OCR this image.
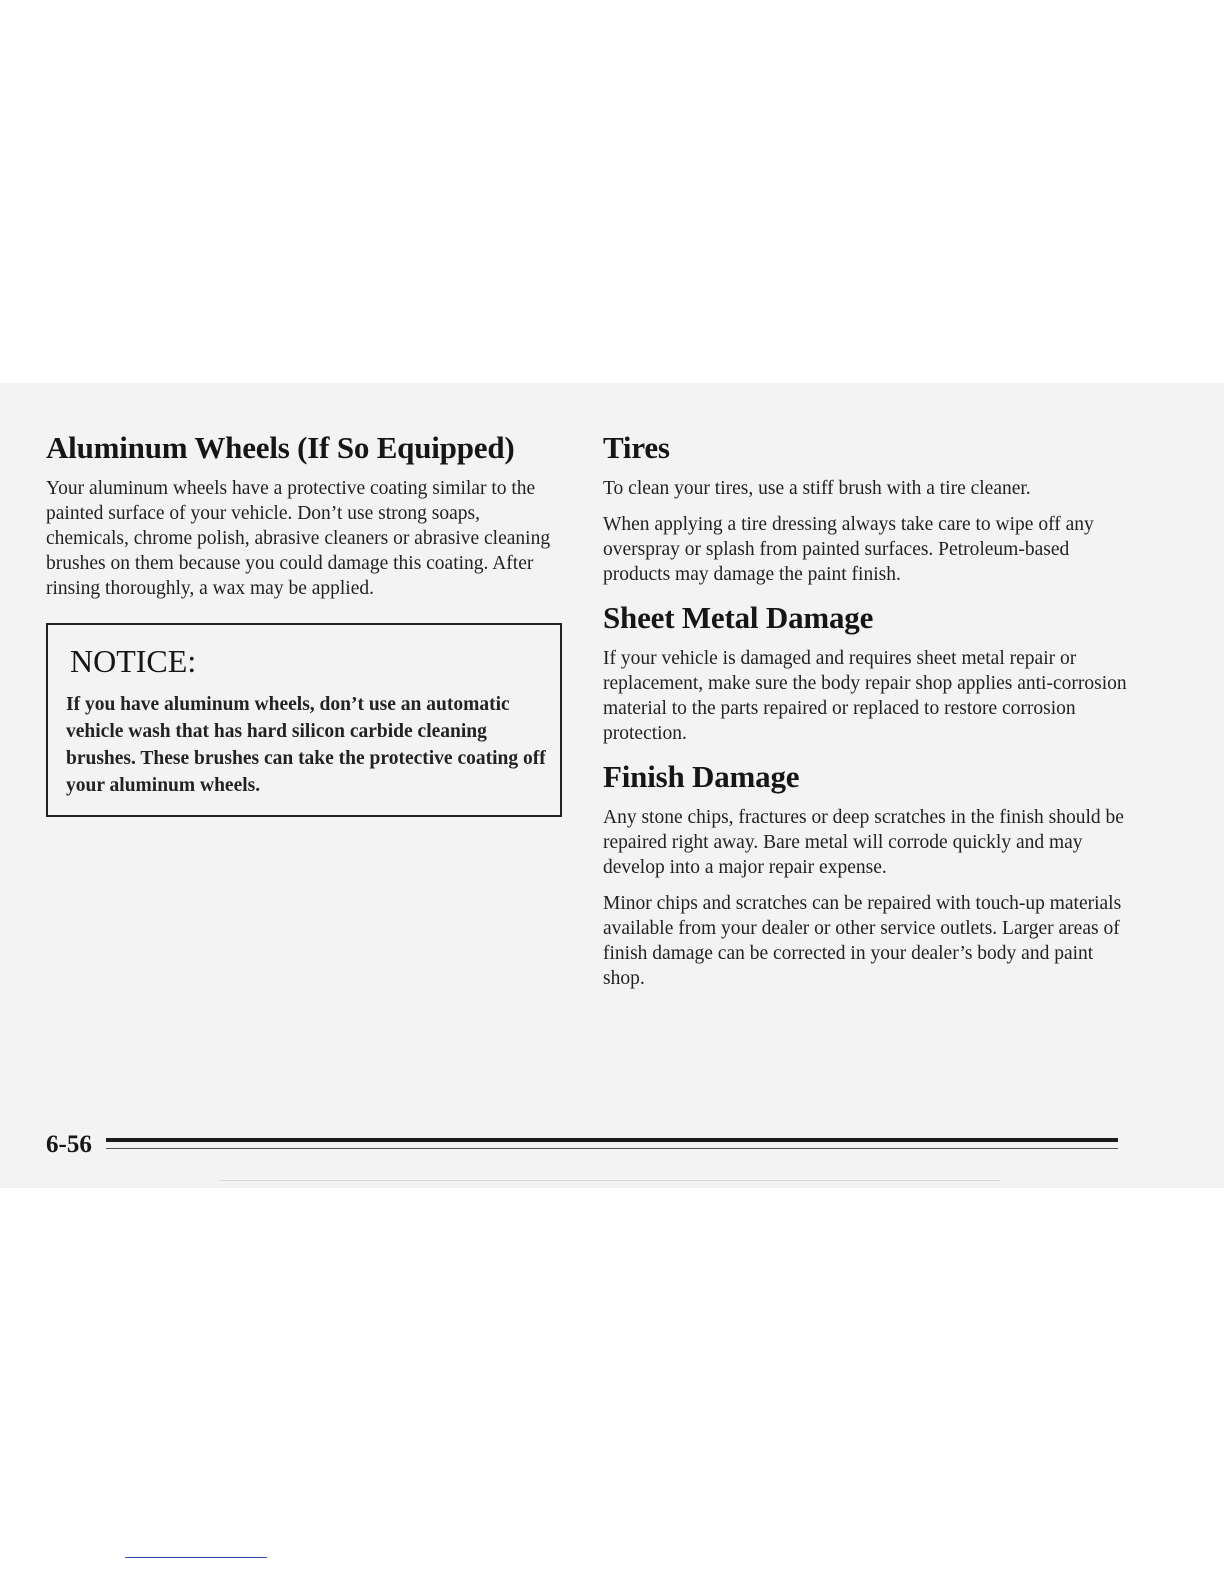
Aluminum Wheels (If So Equipped)

Your aluminum wheels have a protective coating similar to the painted surface of your vehicle. Don’t use strong soaps, chemicals, chrome polish, abrasive cleaners or abrasive cleaning brushes on them because you could damage this coating. After rinsing thoroughly, a wax may be applied.

NOTICE:

If you have aluminum wheels, don’t use an automatic vehicle wash that has hard silicon carbide cleaning brushes. These brushes can take the protective coating off your aluminum wheels.

Tires

To clean your tires, use a stiff brush with a tire cleaner.

When applying a tire dressing always take care to wipe off any overspray or splash from painted surfaces. Petroleum-based products may damage the paint finish.

Sheet Metal Damage

If your vehicle is damaged and requires sheet metal repair or replacement, make sure the body repair shop applies anti-corrosion material to the parts repaired or replaced to restore corrosion protection.

Finish Damage

Any stone chips, fractures or deep scratches in the finish should be repaired right away. Bare metal will corrode quickly and may develop into a major repair expense.

Minor chips and scratches can be repaired with touch-up materials available from your dealer or other service outlets. Larger areas of finish damage can be corrected in your dealer’s body and paint shop.

6-56
